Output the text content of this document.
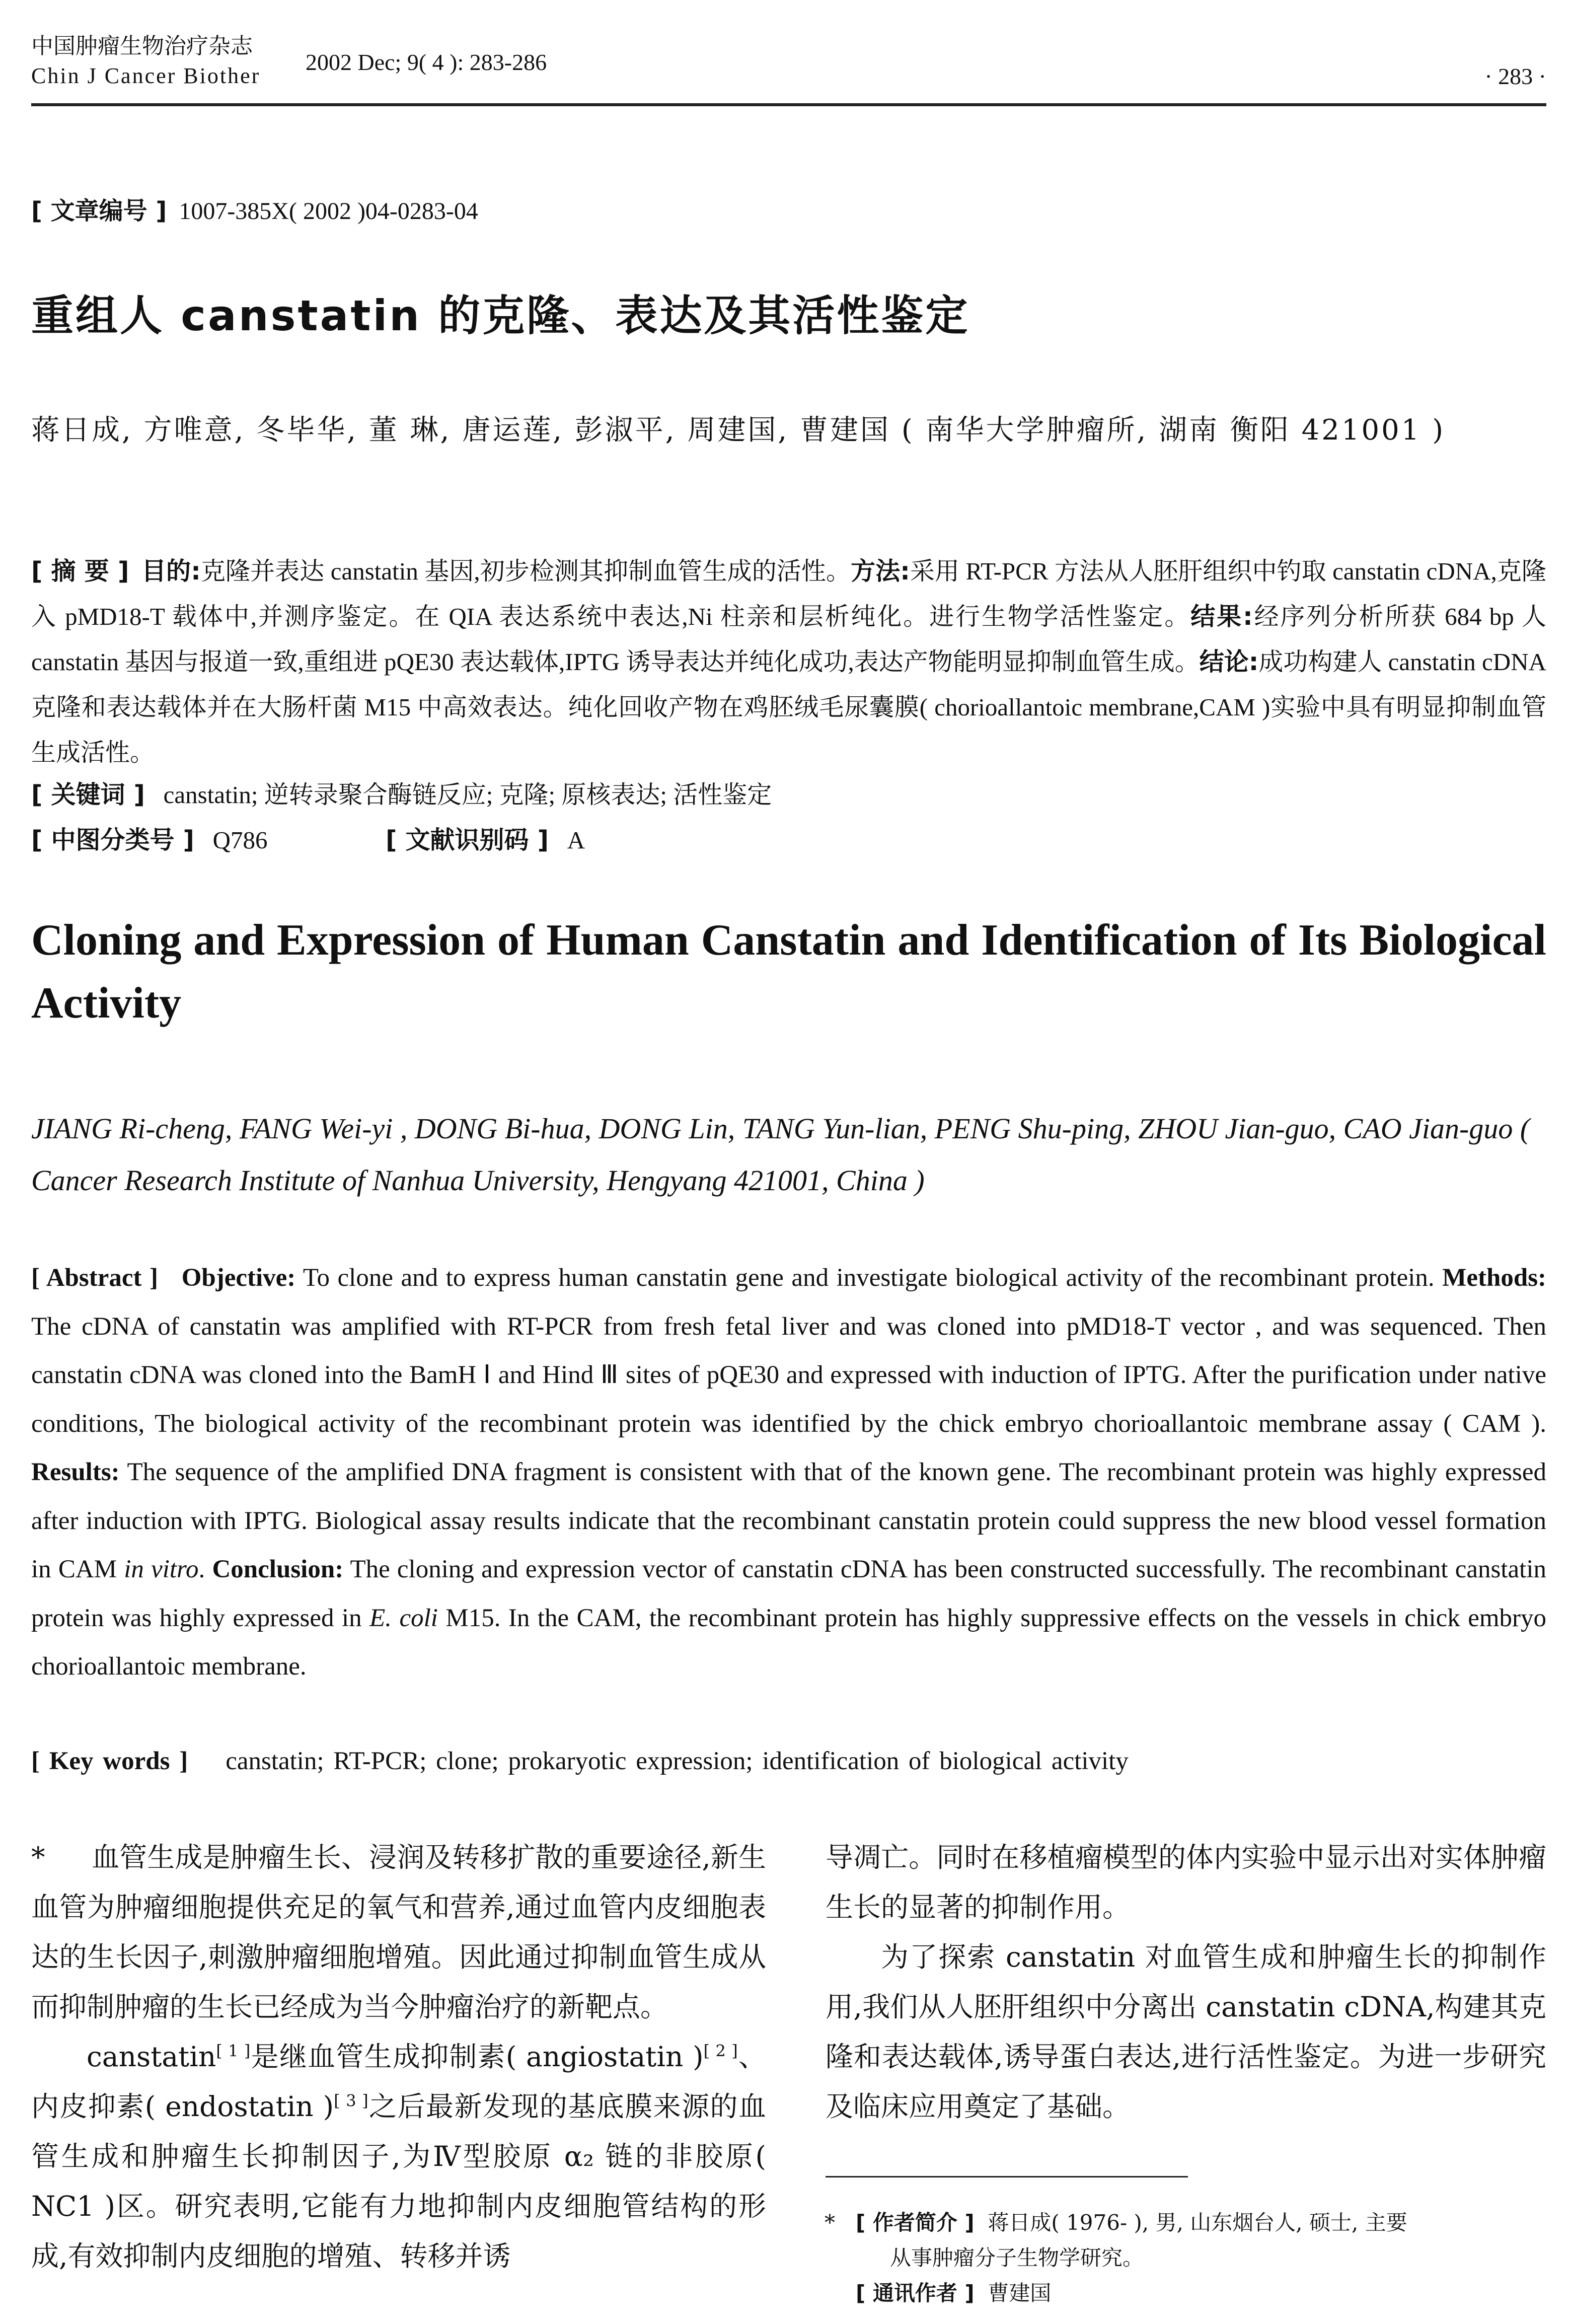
中国肿瘤生物治疗杂志
Chin J Cancer Biother
2002 Dec; 9( 4 ): 283-286
· 283 ·
[ 文章编号 ] 1007-385X( 2002 )04-0283-04
重组人 canstatin 的克隆、表达及其活性鉴定
蒋日成, 方唯意, 冬毕华, 董 琳, 唐运莲, 彭淑平, 周建国, 曹建国 ( 南华大学肿瘤所, 湖南 衡阳 421001 )
[ 摘 要 ] 目的:克隆并表达 canstatin 基因,初步检测其抑制血管生成的活性。方法:采用 RT-PCR 方法从人胚肝组织中钓取 canstatin cDNA,克隆入 pMD18-T 载体中,并测序鉴定。在 QIA 表达系统中表达,Ni 柱亲和层析纯化。进行生物学活性鉴定。结果:经序列分析所获 684 bp 人 canstatin 基因与报道一致,重组进 pQE30 表达载体,IPTG 诱导表达并纯化成功,表达产物能明显抑制血管生成。结论:成功构建人 canstatin cDNA 克隆和表达载体并在大肠杆菌 M15 中高效表达。纯化回收产物在鸡胚绒毛尿囊膜( chorioallantoic membrane,CAM )实验中具有明显抑制血管生成活性。
[ 关键词 ] canstatin; 逆转录聚合酶链反应; 克隆; 原核表达; 活性鉴定
[ 中图分类号 ] Q786	[ 文献识别码 ] A
Cloning and Expression of Human Canstatin and Identification of Its Biological Activity
JIANG Ri-cheng, FANG Wei-yi , DONG Bi-hua, DONG Lin, TANG Yun-lian, PENG Shu-ping, ZHOU Jian-guo, CAO Jian-guo ( Cancer Research Institute of Nanhua University, Hengyang 421001, China )
[ Abstract ] Objective: To clone and to express human canstatin gene and investigate biological activity of the recombinant protein. Methods: The cDNA of canstatin was amplified with RT-PCR from fresh fetal liver and was cloned into pMD18-T vector , and was sequenced. Then canstatin cDNA was cloned into the BamH Ⅰ and Hind Ⅲ sites of pQE30 and expressed with induction of IPTG. After the purification under native conditions, The biological activity of the recombinant protein was identified by the chick embryo chorioallantoic membrane assay ( CAM ). Results: The sequence of the amplified DNA fragment is consistent with that of the known gene. The recombinant protein was highly expressed after induction with IPTG. Biological assay results indicate that the recombinant canstatin protein could suppress the new blood vessel formation in CAM in vitro. Conclusion: The cloning and expression vector of canstatin cDNA has been constructed successfully. The recombinant canstatin protein was highly expressed in E. coli M15. In the CAM, the recombinant protein has highly suppressive effects on the vessels in chick embryo chorioallantoic membrane.
[ Key words ] canstatin; RT-PCR; clone; prokaryotic expression; identification of biological activity

* 血管生成是肿瘤生长、浸润及转移扩散的重要途径,新生血管为肿瘤细胞提供充足的氧气和营养,通过血管内皮细胞表达的生长因子,刺激肿瘤细胞增殖。因此通过抑制血管生成从而抑制肿瘤的生长已经成为当今肿瘤治疗的新靶点。

canstatin[ 1 ]是继血管生成抑制素( angiostatin )[ 2 ]、内皮抑素( endostatin )[ 3 ]之后最新发现的基底膜来源的血管生成和肿瘤生长抑制因子,为Ⅳ型胶原 α₂ 链的非胶原( NC1 )区。研究表明,它能有力地抑制内皮细胞管结构的形成,有效抑制内皮细胞的增殖、转移并诱

导凋亡。同时在移植瘤模型的体内实验中显示出对实体肿瘤生长的显著的抑制作用。

为了探索 canstatin 对血管生成和肿瘤生长的抑制作用,我们从人胚肝组织中分离出 canstatin cDNA,构建其克隆和表达载体,诱导蛋白表达,进行活性鉴定。为进一步研究及临床应用奠定了基础。

* [ 作者简介 ] 蒋日成( 1976- ), 男, 山东烟台人, 硕士, 主要
从事肿瘤分子生物学研究。
[ 通讯作者 ] 曹建国
